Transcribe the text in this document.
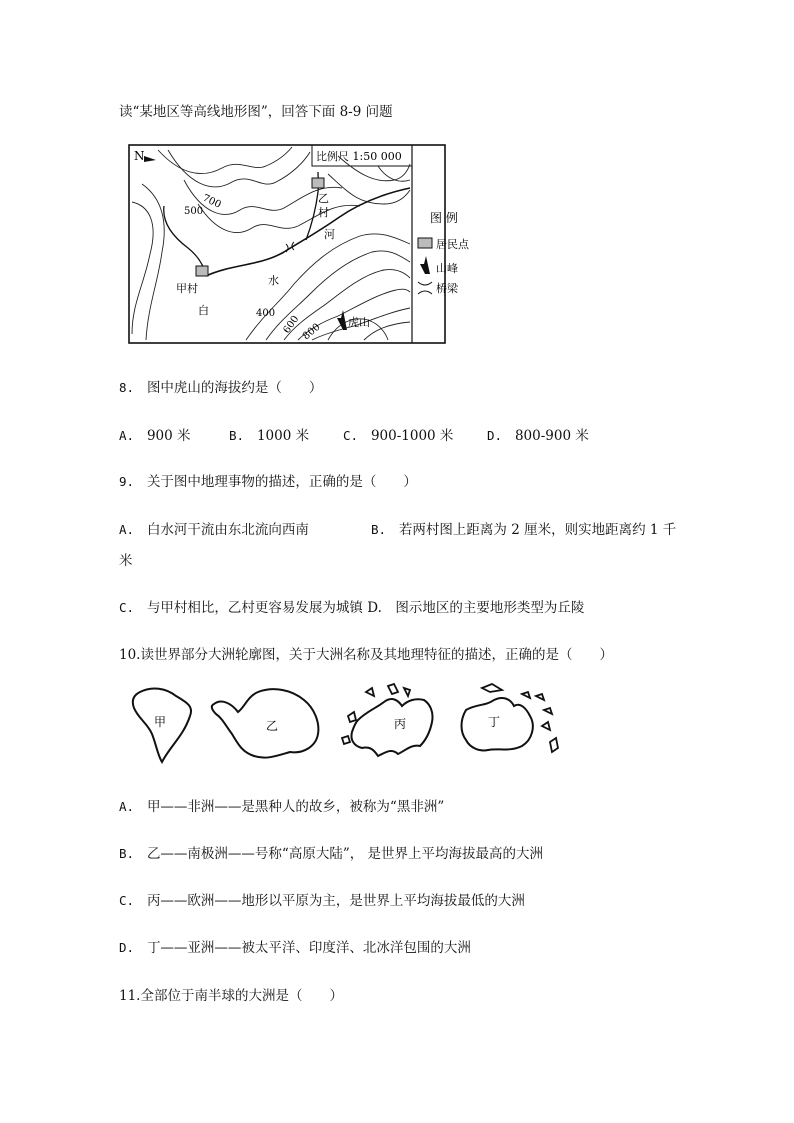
读“某地区等高线地形图”，回答下面 8-9 问题
比例尺 1:50 000
N
甲村
乙
村
白
水
河
虎山
700
500
400
600 800
图 例
居民点
山峰
桥梁
8. 图中虎山的海拔约是（　　）
A. 900 米	B. 1000 米	C. 900-1000 米	D. 800-900 米
9. 关于图中地理事物的描述，正确的是（　　）
A. 白水河干流由东北流向西南	B. 若两村图上距离为 2 厘米，则实地距离约 1 千
米
C. 与甲村相比，乙村更容易发展为城镇 D.　图示地区的主要地形类型为丘陵
10.读世界部分大洲轮廓图，关于大洲名称及其地理特征的描述，正确的是（　　）
甲	乙	丙	丁
A. 甲——非洲——是黑种人的故乡，被称为“黑非洲”
B. 乙——南极洲——号称“高原大陆”， 是世界上平均海拔最高的大洲
C. 丙——欧洲——地形以平原为主，是世界上平均海拔最低的大洲
D. 丁——亚洲——被太平洋、印度洋、北冰洋包围的大洲
11.全部位于南半球的大洲是（　　）
